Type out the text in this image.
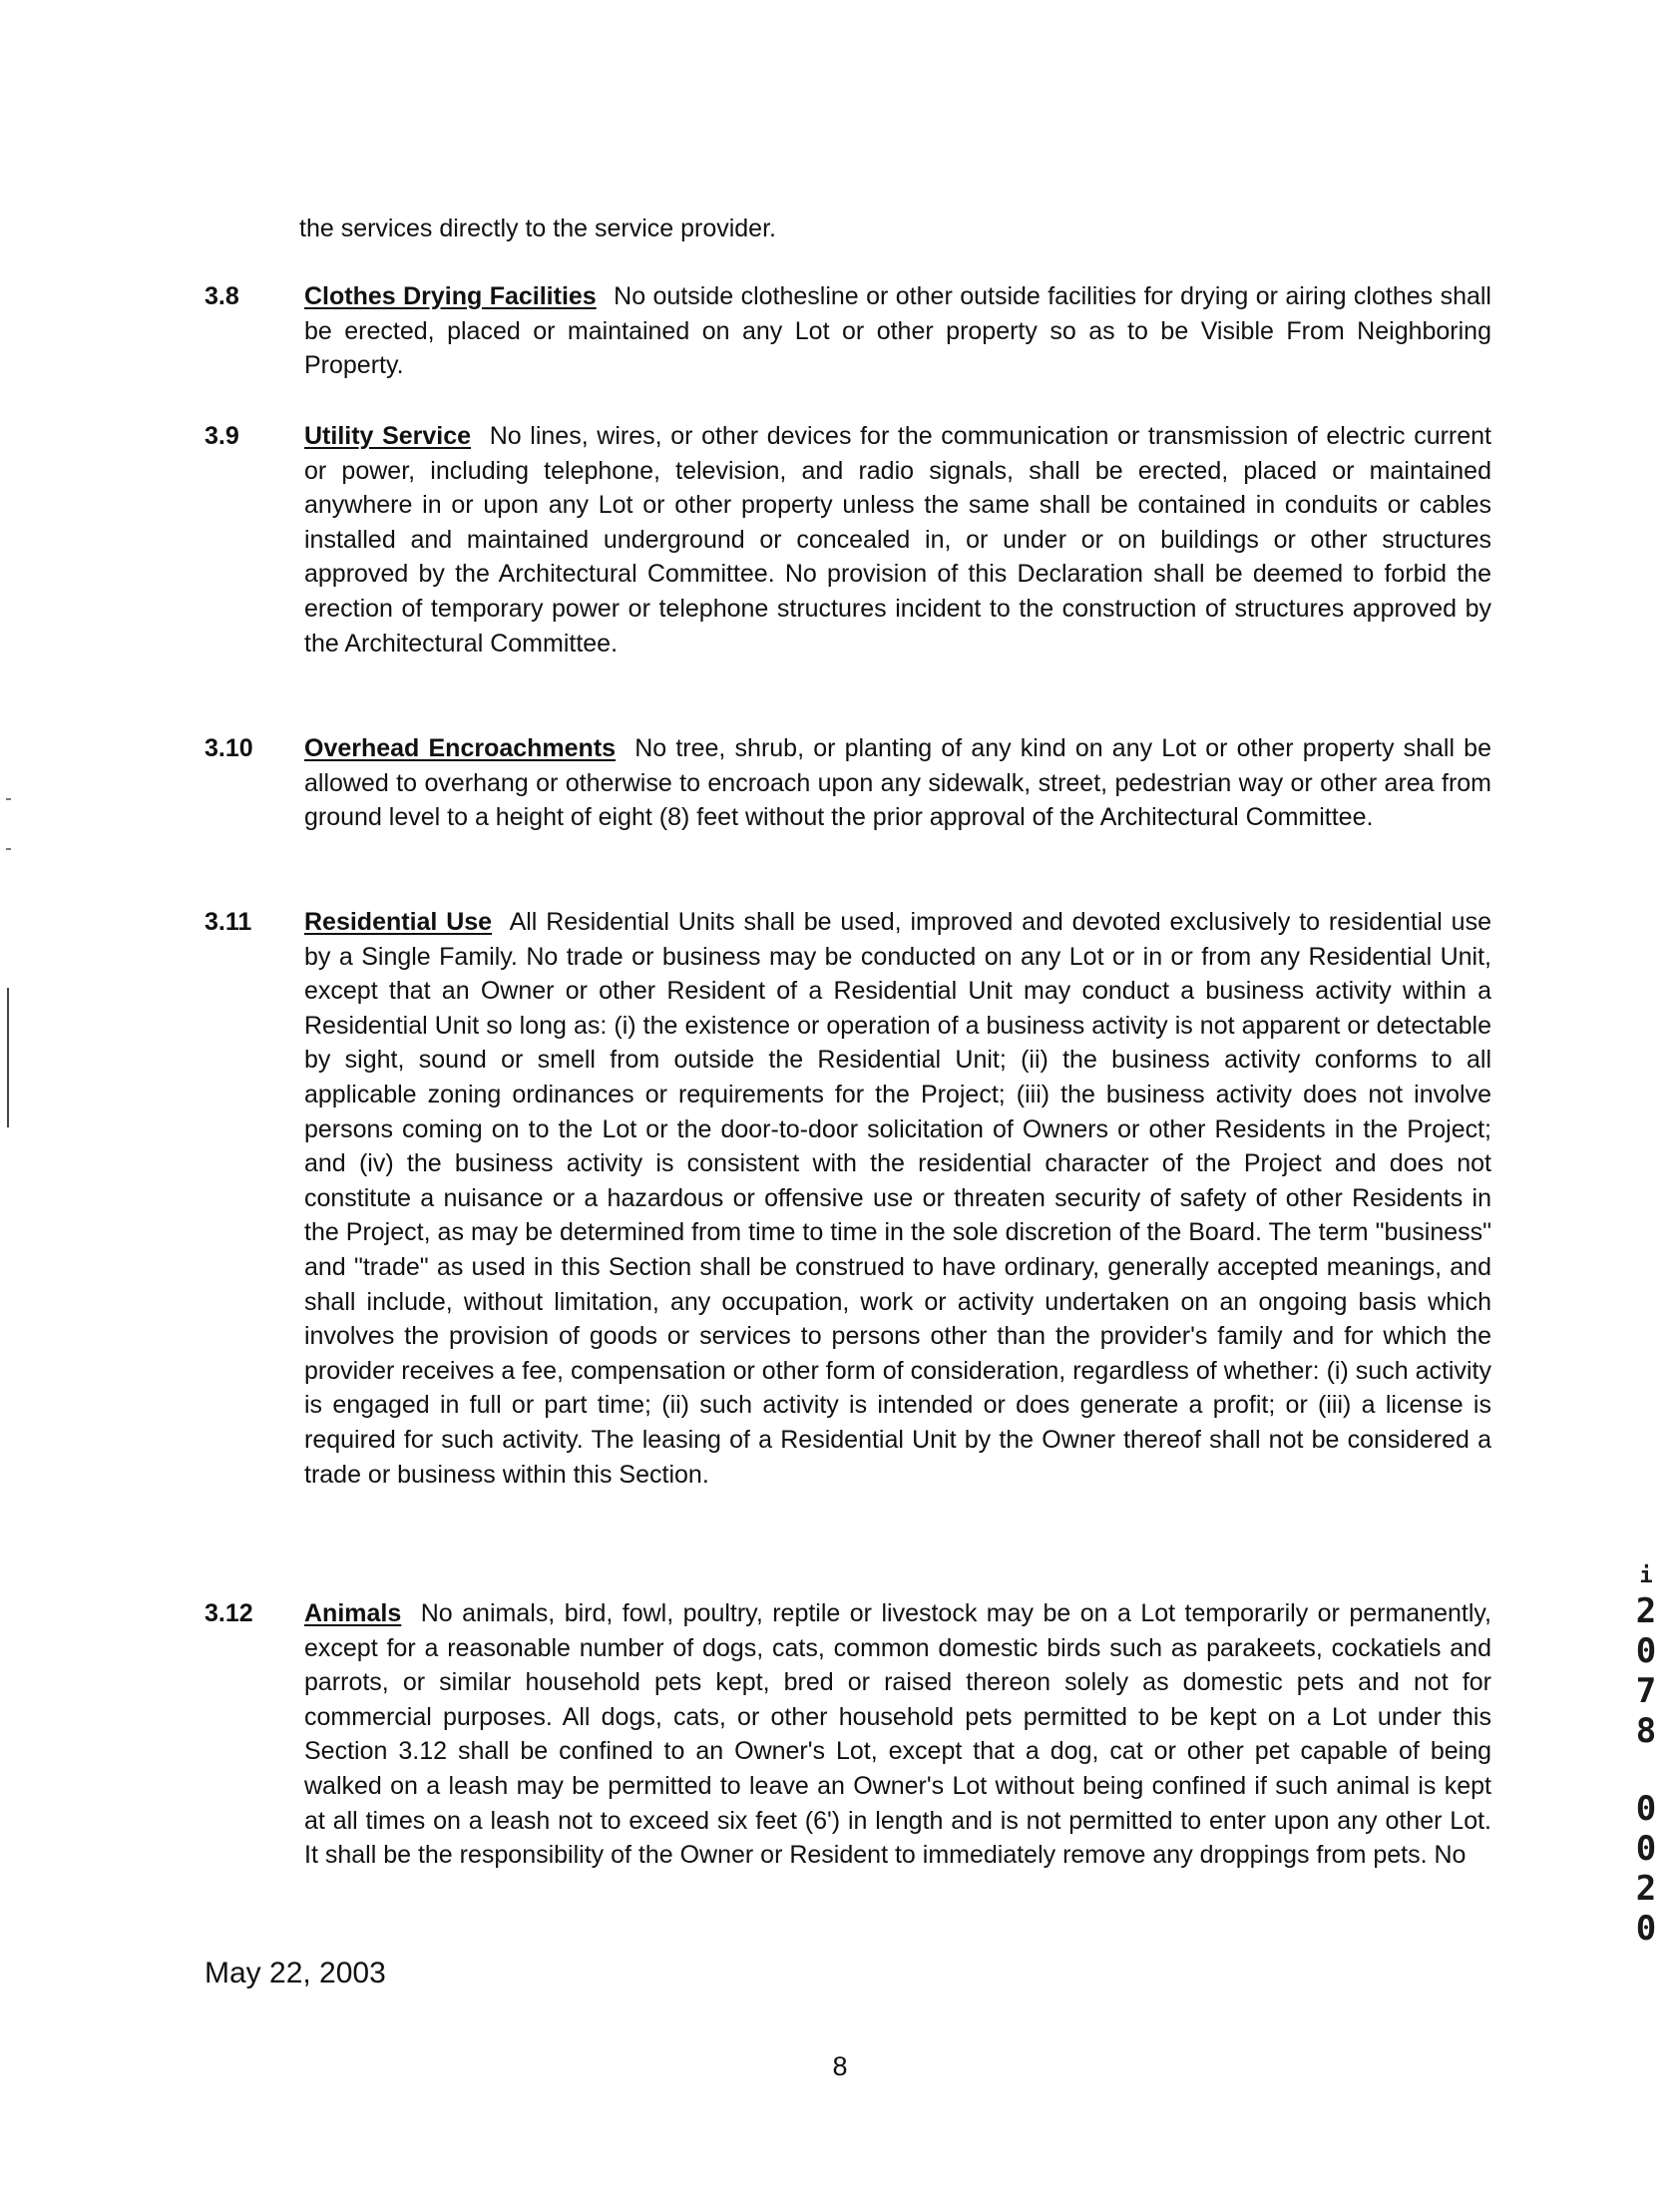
the services directly to the service provider.
3.8	Clothes Drying Facilities No outside clothesline or other outside facilities for drying or airing clothes shall be erected, placed or maintained on any Lot or other property so as to be Visible From Neighboring Property.
3.9	Utility Service No lines, wires, or other devices for the communication or transmission of electric current or power, including telephone, television, and radio signals, shall be erected, placed or maintained anywhere in or upon any Lot or other property unless the same shall be contained in conduits or cables installed and maintained underground or concealed in, or under or on buildings or other structures approved by the Architectural Committee. No provision of this Declaration shall be deemed to forbid the erection of temporary power or telephone structures incident to the construction of structures approved by the Architectural Committee.
3.10	Overhead Encroachments No tree, shrub, or planting of any kind on any Lot or other property shall be allowed to overhang or otherwise to encroach upon any sidewalk, street, pedestrian way or other area from ground level to a height of eight (8) feet without the prior approval of the Architectural Committee.
3.11	Residential Use All Residential Units shall be used, improved and devoted exclusively to residential use by a Single Family. No trade or business may be conducted on any Lot or in or from any Residential Unit, except that an Owner or other Resident of a Residential Unit may conduct a business activity within a Residential Unit so long as: (i) the existence or operation of a business activity is not apparent or detectable by sight, sound or smell from outside the Residential Unit; (ii) the business activity conforms to all applicable zoning ordinances or requirements for the Project; (iii) the business activity does not involve persons coming on to the Lot or the door-to-door solicitation of Owners or other Residents in the Project; and (iv) the business activity is consistent with the residential character of the Project and does not constitute a nuisance or a hazardous or offensive use or threaten security of safety of other Residents in the Project, as may be determined from time to time in the sole discretion of the Board. The term "business" and "trade" as used in this Section shall be construed to have ordinary, generally accepted meanings, and shall include, without limitation, any occupation, work or activity undertaken on an ongoing basis which involves the provision of goods or services to persons other than the provider's family and for which the provider receives a fee, compensation or other form of consideration, regardless of whether: (i) such activity is engaged in full or part time; (ii) such activity is intended or does generate a profit; or (iii) a license is required for such activity. The leasing of a Residential Unit by the Owner thereof shall not be considered a trade or business within this Section.
3.12	Animals No animals, bird, fowl, poultry, reptile or livestock may be on a Lot temporarily or permanently, except for a reasonable number of dogs, cats, common domestic birds such as parakeets, cockatiels and parrots, or similar household pets kept, bred or raised thereon solely as domestic pets and not for commercial purposes. All dogs, cats, or other household pets permitted to be kept on a Lot under this Section 3.12 shall be confined to an Owner's Lot, except that a dog, cat or other pet capable of being walked on a leash may be permitted to leave an Owner's Lot without being confined if such animal is kept at all times on a leash not to exceed six feet (6') in length and is not permitted to enter upon any other Lot. It shall be the responsibility of the Owner or Resident to immediately remove any droppings from pets. No
May 22, 2003
8
i
2
0
7
8
0
0
2
0
